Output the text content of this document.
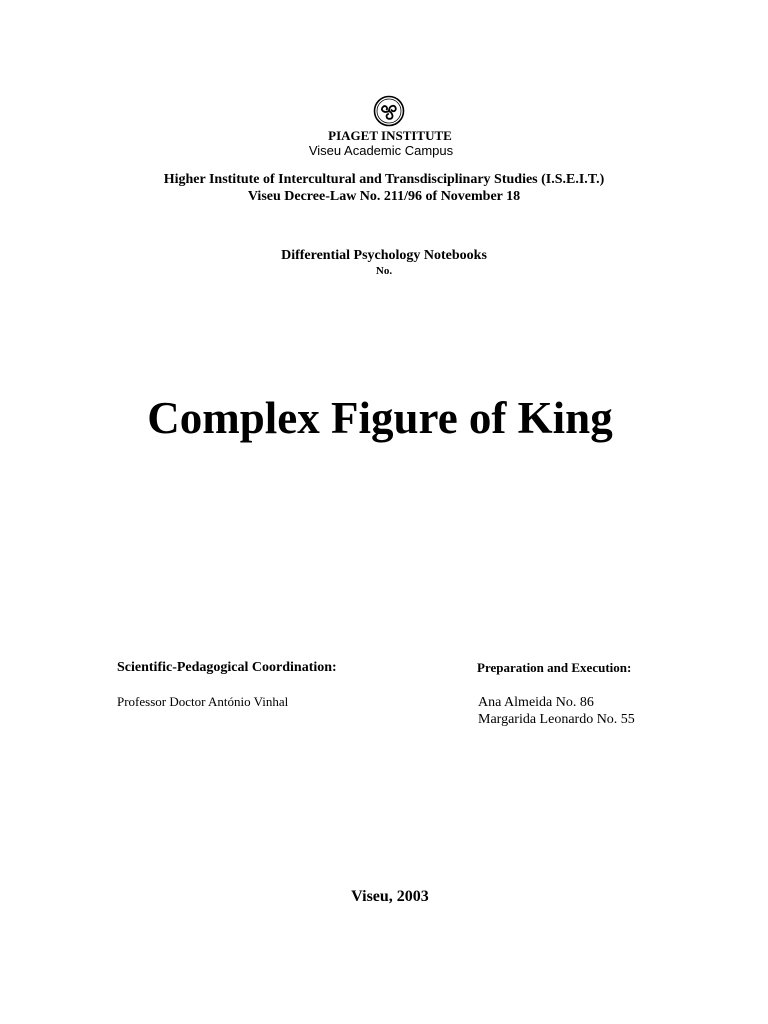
PIAGET INSTITUTE
Viseu Academic Campus
Higher Institute of Intercultural and Transdisciplinary Studies (I.S.E.I.T.)
Viseu Decree-Law No. 211/96 of November 18
Differential Psychology Notebooks
No.
Complex Figure of King
Scientific-Pedagogical Coordination:
Professor Doctor António Vinhal
Preparation and Execution:
Ana Almeida No. 86
Margarida Leonardo No. 55
Viseu, 2003
